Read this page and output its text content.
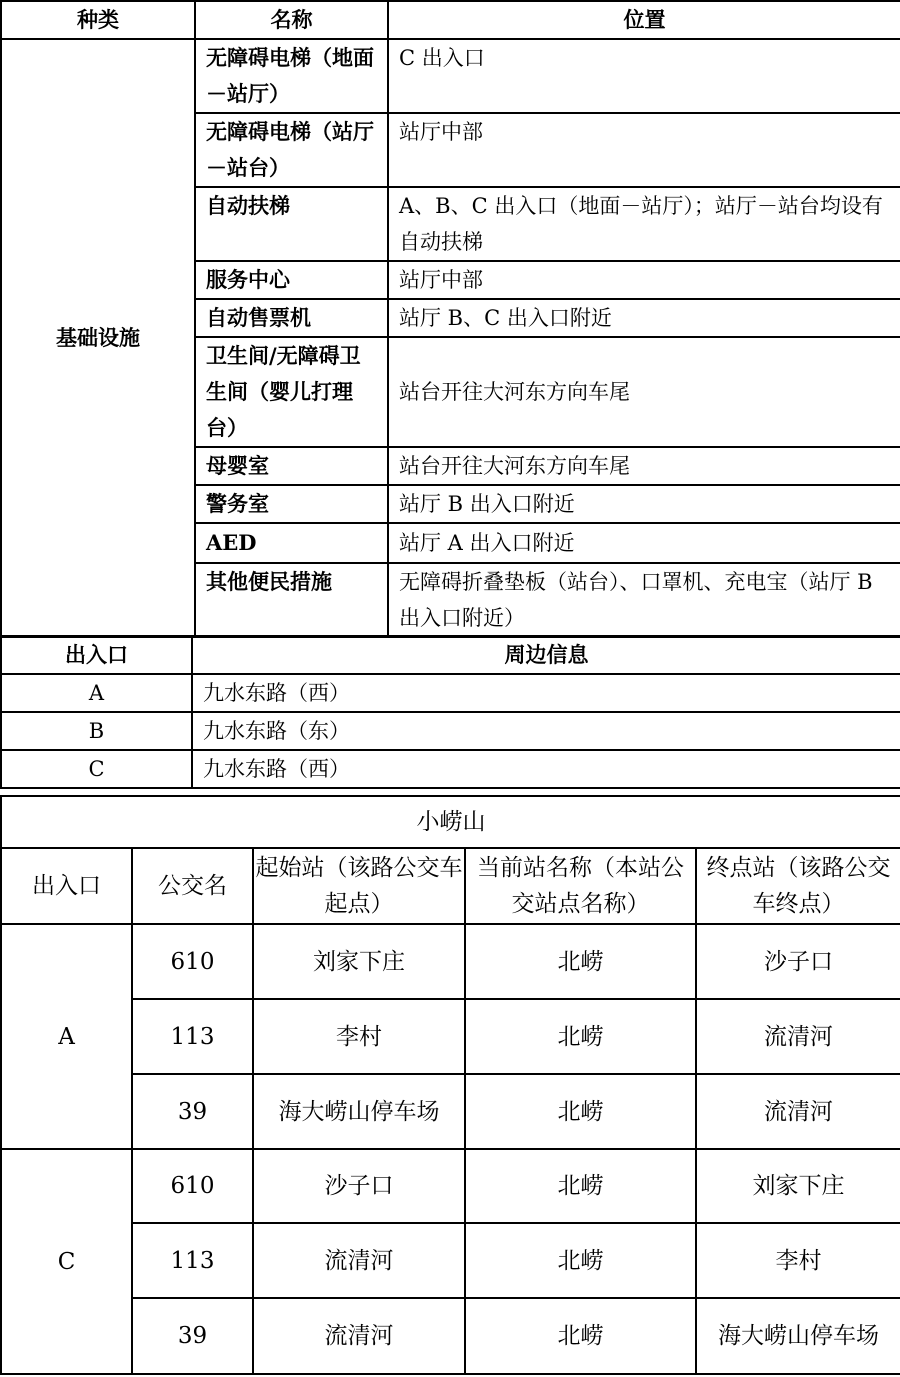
种类	名称	位置
基础设施	无障碍电梯（地面－站厅）	C 出入口
	无障碍电梯（站厅－站台）	站厅中部
	自动扶梯	A、B、C 出入口（地面－站厅）；站厅－站台均设有自动扶梯
	服务中心	站厅中部
	自动售票机	站厅 B、C 出入口附近
	卫生间/无障碍卫生间（婴儿打理台）	站台开往大河东方向车尾
	母婴室	站台开往大河东方向车尾
	警务室	站厅 B 出入口附近
	AED	站厅 A 出入口附近
	其他便民措施	无障碍折叠垫板（站台）、口罩机、充电宝（站厅 B 出入口附近）
出入口	周边信息
A	九水东路（西）
B	九水东路（东）
C	九水东路（西）
小崂山				
出入口	公交名	起始站（该路公交车起点）	当前站名称（本站公交站点名称）	终点站（该路公交车终点）
A	610	刘家下庄	北崂	沙子口
	113	李村	北崂	流清河
	39	海大崂山停车场	北崂	流清河
C	610	沙子口	北崂	刘家下庄
	113	流清河	北崂	李村
	39	流清河	北崂	海大崂山停车场
